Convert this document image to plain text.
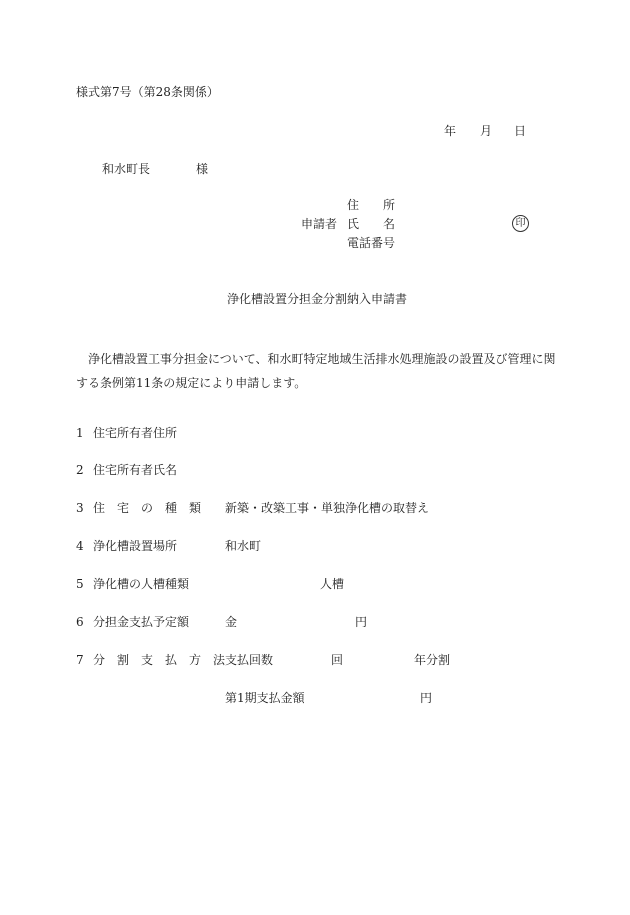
様式第7号（第28条関係）
年 月 日
和水町長	様
申請者
住　　所
氏　　名
電話番号
印
浄化槽設置分担金分割納入申請書
　浄化槽設置工事分担金について、和水町特定地域生活排水処理施設の設置及び管理に関する条例第11条の規定により申請します。
1 住宅所有者住所
2 住宅所有者氏名
3 住　宅　の　種　類 新築・改築工事・単独浄化槽の取替え
4 浄化槽設置場所	和水町
5 浄化槽の人槽種類	人槽
6 分担金支払予定額	金	円
7 分　割　支　払　方　法 支払回数	回	年分割
第1期支払金額	円
